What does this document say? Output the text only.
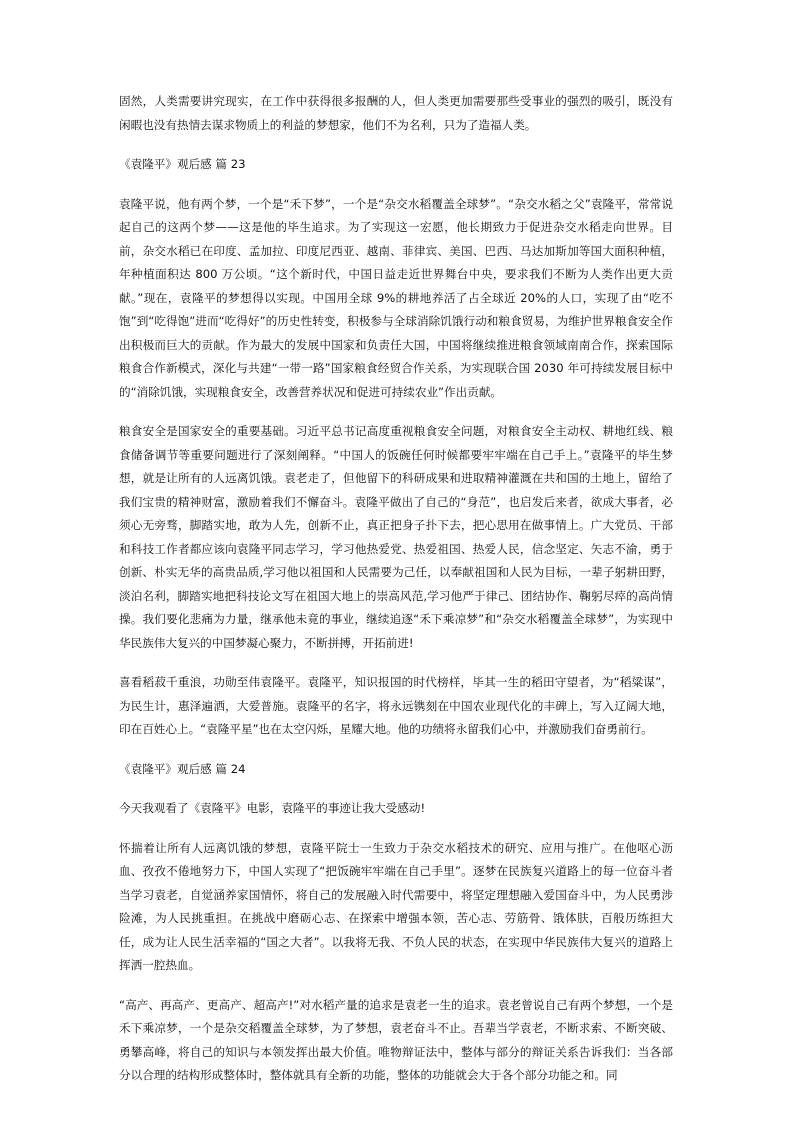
固然，人类需要讲究现实，在工作中获得很多报酬的人，但人类更加需要那些受事业的强烈的吸引，既没有闲暇也没有热情去谋求物质上的利益的梦想家，他们不为名利，只为了造福人类。

《袁隆平》观后感 篇 23

袁隆平说，他有两个梦，一个是“禾下梦”，一个是“杂交水稻覆盖全球梦”。“杂交水稻之父”袁隆平，常常说起自己的这两个梦——这是他的毕生追求。为了实现这一宏愿，他长期致力于促进杂交水稻走向世界。目前，杂交水稻已在印度、孟加拉、印度尼西亚、越南、菲律宾、美国、巴西、马达加斯加等国大面积种植，年种植面积达 800 万公顷。“这个新时代，中国日益走近世界舞台中央，要求我们不断为人类作出更大贡献。”现在，袁隆平的梦想得以实现。中国用全球 9%的耕地养活了占全球近 20%的人口，实现了由“吃不饱”到“吃得饱”进而“吃得好”的历史性转变，积极参与全球消除饥饿行动和粮食贸易，为维护世界粮食安全作出积极而巨大的贡献。作为最大的发展中国家和负责任大国，中国将继续推进粮食领域南南合作，探索国际粮食合作新模式，深化与共建“一带一路”国家粮食经贸合作关系，为实现联合国 2030 年可持续发展目标中的“消除饥饿，实现粮食安全，改善营养状况和促进可持续农业”作出贡献。

粮食安全是国家安全的重要基础。习近平总书记高度重视粮食安全问题，对粮食安全主动权、耕地红线、粮食储备调节等重要问题进行了深刻阐释。“中国人的饭碗任何时候都要牢牢端在自己手上。”袁隆平的毕生梦想，就是让所有的人远离饥饿。袁老走了，但他留下的科研成果和进取精神灌溉在共和国的土地上，留给了我们宝贵的精神财富，激励着我们不懈奋斗。袁隆平做出了自己的“身范”，也启发后来者，欲成大事者，必须心无旁骛，脚踏实地，敢为人先，创新不止，真正把身子扑下去，把心思用在做事情上。广大党员、干部和科技工作者都应该向袁隆平同志学习，学习他热爱党、热爱祖国、热爱人民，信念坚定、矢志不渝，勇于创新、朴实无华的高贵品质,学习他以祖国和人民需要为己任，以奉献祖国和人民为目标，一辈子躬耕田野，淡泊名利，脚踏实地把科技论文写在祖国大地上的崇高风范,学习他严于律己、团结协作、鞠躬尽瘁的高尚情操。我们要化悲痛为力量，继承他未竟的事业，继续追逐“禾下乘凉梦”和“杂交水稻覆盖全球梦”，为实现中华民族伟大复兴的中国梦凝心聚力，不断拼搏，开拓前进!

喜看稻菽千重浪，功勋至伟袁隆平。袁隆平，知识报国的时代榜样，毕其一生的稻田守望者，为“稻粱谋”，为民生计，惠泽遍洒，大爱普施。袁隆平的名字，将永远镌刻在中国农业现代化的丰碑上，写入辽阔大地，印在百姓心上。“袁隆平星”也在太空闪烁，星耀大地。他的功绩将永留我们心中，并激励我们奋勇前行。

《袁隆平》观后感 篇 24

今天我观看了《袁隆平》电影，袁隆平的事迹让我大受感动!

怀揣着让所有人远离饥饿的梦想，袁隆平院士一生致力于杂交水稻技术的研究、应用与推广。在他呕心沥血、孜孜不倦地努力下，中国人实现了“把饭碗牢牢端在自己手里”。逐梦在民族复兴道路上的每一位奋斗者当学习袁老，自觉涵养家国情怀，将自己的发展融入时代需要中，将坚定理想融入爱国奋斗中，为人民勇涉险滩，为人民挑重担。在挑战中磨砺心志、在探索中增强本领，苦心志、劳筋骨、饿体肤，百般历练担大任，成为让人民生活幸福的“国之大者”。以我将无我、不负人民的状态，在实现中华民族伟大复兴的道路上挥洒一腔热血。

“高产、再高产、更高产、超高产!”对水稻产量的追求是袁老一生的追求。袁老曾说自己有两个梦想，一个是禾下乘凉梦，一个是杂交稻覆盖全球梦，为了梦想，袁老奋斗不止。吾辈当学袁老，不断求索、不断突破、勇攀高峰，将自己的知识与本领发挥出最大价值。唯物辩证法中，整体与部分的辩证关系告诉我们：当各部分以合理的结构形成整体时，整体就具有全新的功能，整体的功能就会大于各个部分功能之和。同
